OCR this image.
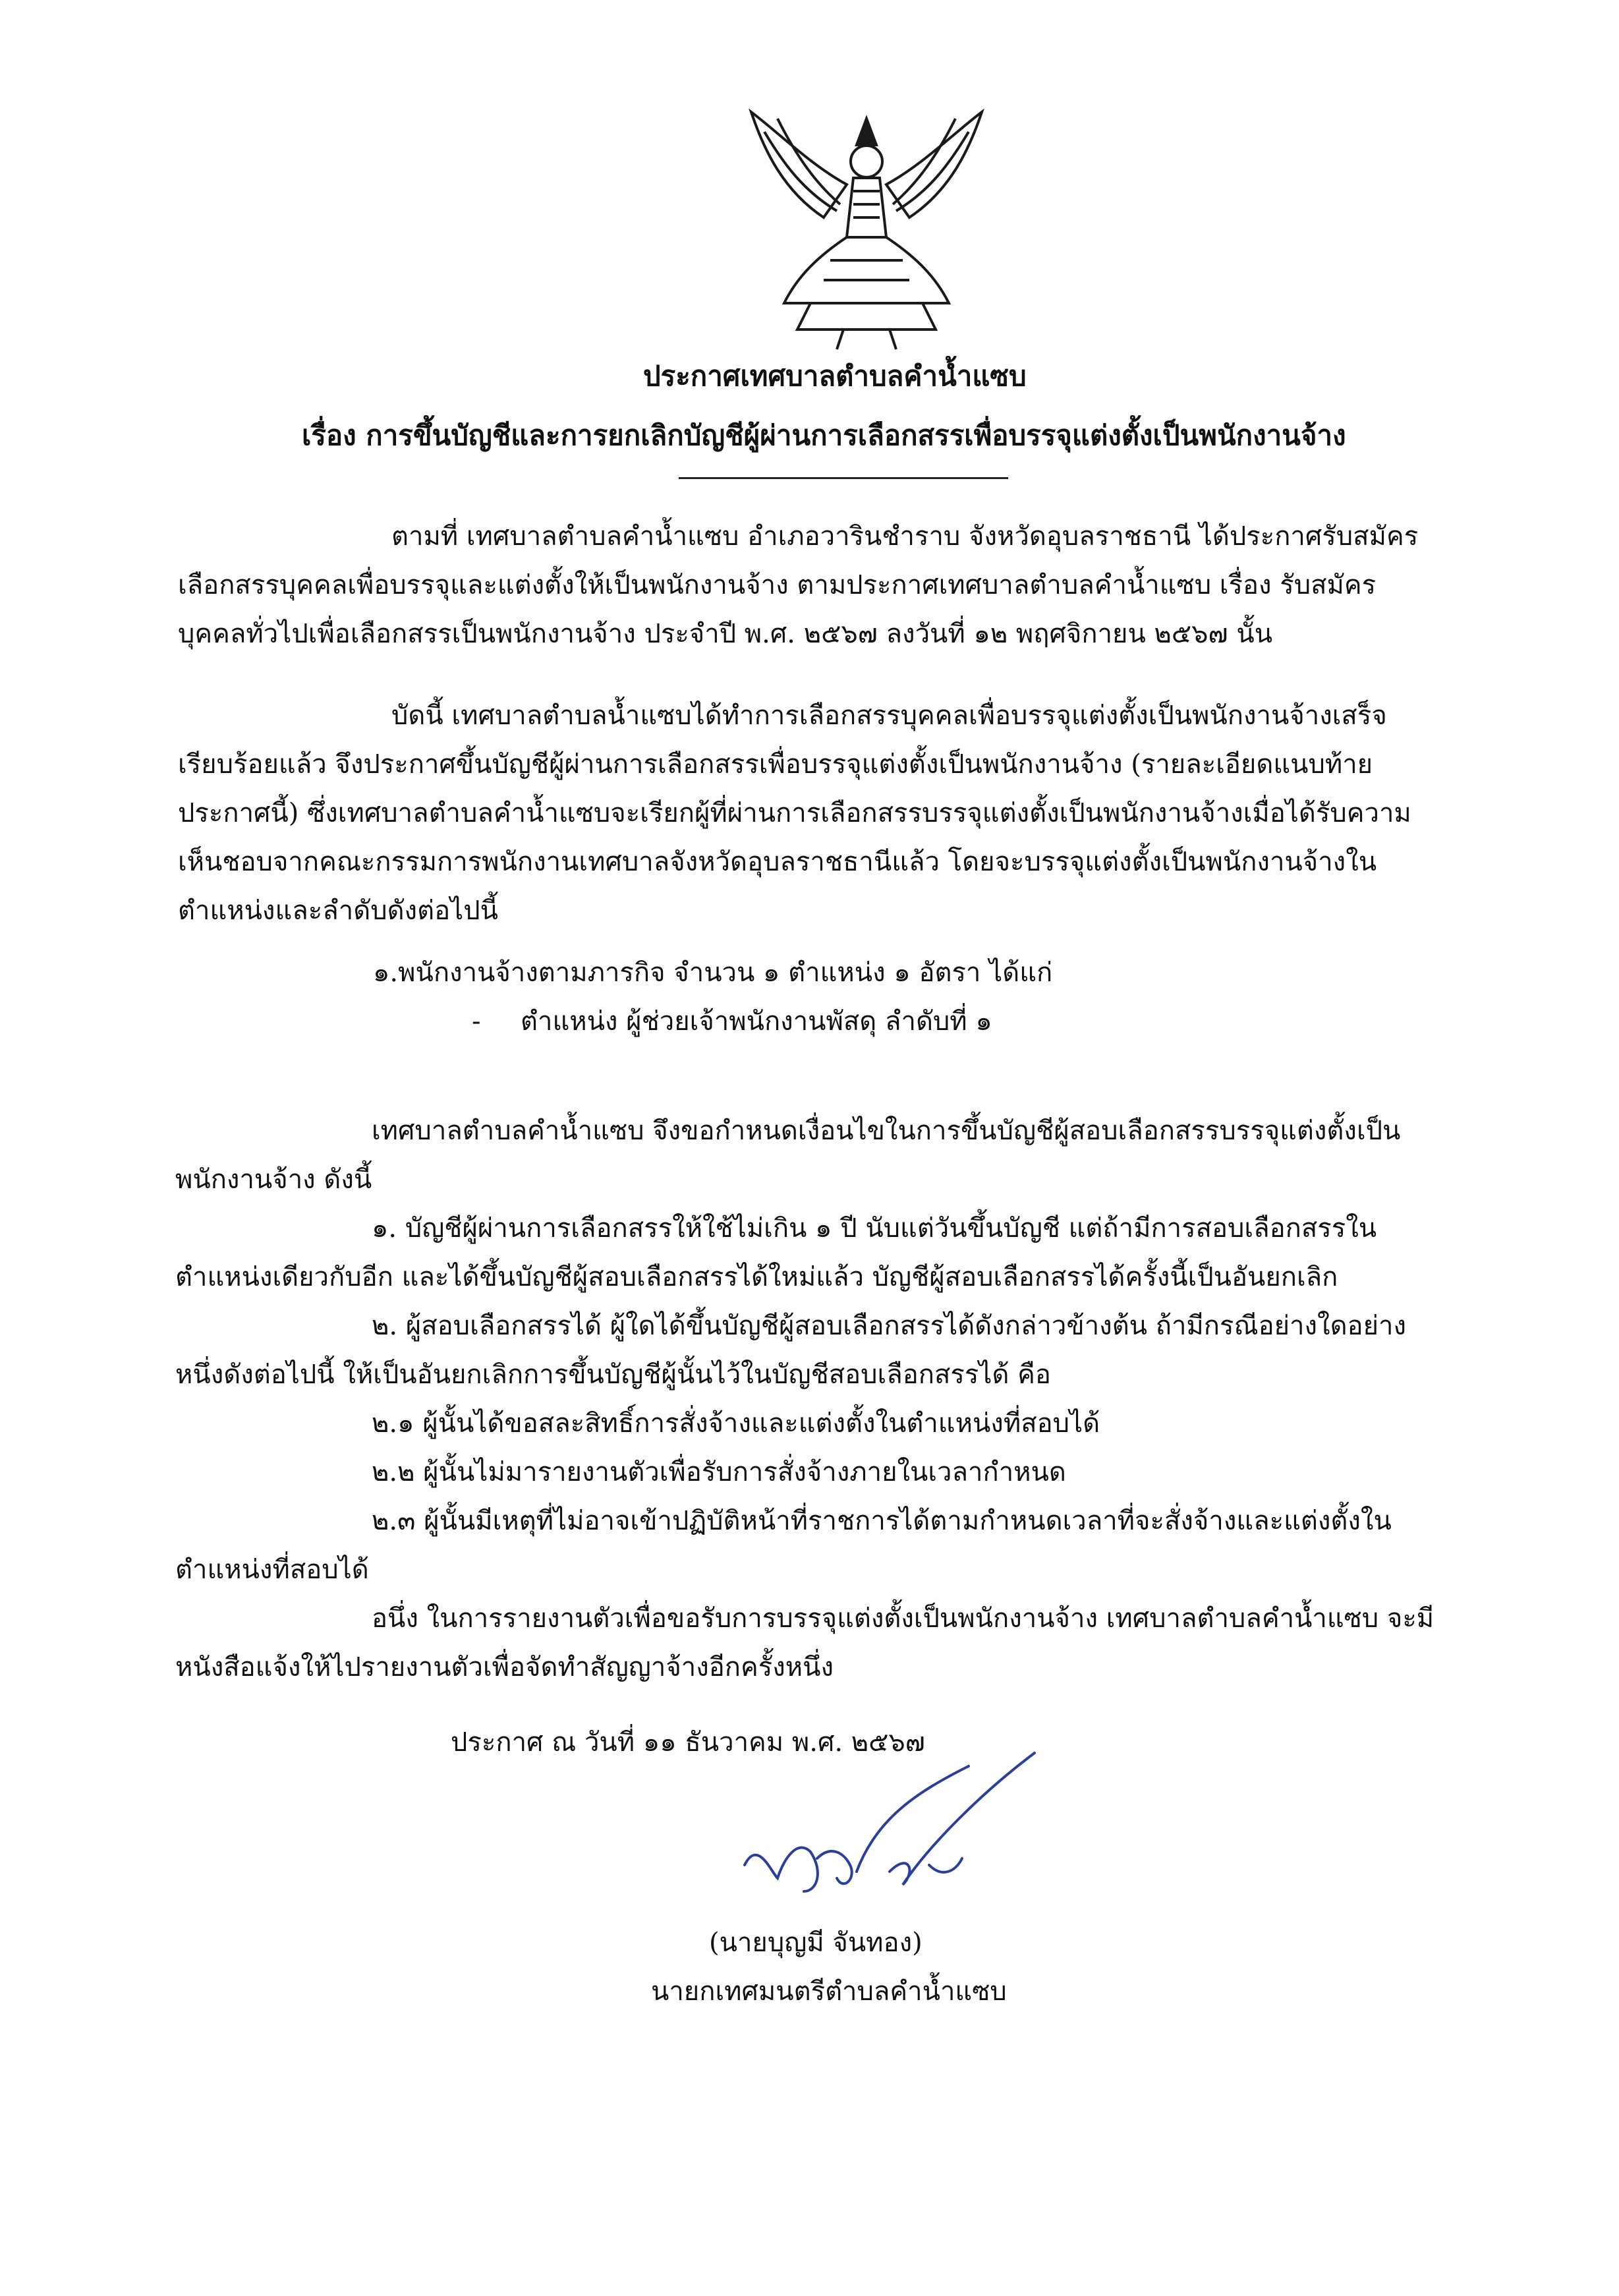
ประกาศเทศบาลตำบลคำน้ำแซบ
เรื่อง การขึ้นบัญชีและการยกเลิกบัญชีผู้ผ่านการเลือกสรรเพื่อบรรจุแต่งตั้งเป็นพนักงานจ้าง
ตามที่ เทศบาลตำบลคำน้ำแซบ อำเภอวารินชำราบ จังหวัดอุบลราชธานี ได้ประกาศรับสมัคร
เลือกสรรบุคคลเพื่อบรรจุและแต่งตั้งให้เป็นพนักงานจ้าง ตามประกาศเทศบาลตำบลคำน้ำแซบ เรื่อง รับสมัคร
บุคคลทั่วไปเพื่อเลือกสรรเป็นพนักงานจ้าง ประจำปี พ.ศ. ๒๕๖๗ ลงวันที่ ๑๒ พฤศจิกายน ๒๕๖๗ นั้น
บัดนี้ เทศบาลตำบลน้ำแซบได้ทำการเลือกสรรบุคคลเพื่อบรรจุแต่งตั้งเป็นพนักงานจ้างเสร็จ
เรียบร้อยแล้ว จึงประกาศขึ้นบัญชีผู้ผ่านการเลือกสรรเพื่อบรรจุแต่งตั้งเป็นพนักงานจ้าง (รายละเอียดแนบท้าย
ประกาศนี้) ซึ่งเทศบาลตำบลคำน้ำแซบจะเรียกผู้ที่ผ่านการเลือกสรรบรรจุแต่งตั้งเป็นพนักงานจ้างเมื่อได้รับความ
เห็นชอบจากคณะกรรมการพนักงานเทศบาลจังหวัดอุบลราชธานีแล้ว โดยจะบรรจุแต่งตั้งเป็นพนักงานจ้างใน
ตำแหน่งและลำดับดังต่อไปนี้
๑.พนักงานจ้างตามภารกิจ จำนวน ๑ ตำแหน่ง ๑ อัตรา ได้แก่
- ตำแหน่ง ผู้ช่วยเจ้าพนักงานพัสดุ ลำดับที่ ๑
เทศบาลตำบลคำน้ำแซบ จึงขอกำหนดเงื่อนไขในการขึ้นบัญชีผู้สอบเลือกสรรบรรจุแต่งตั้งเป็น
พนักงานจ้าง ดังนี้
๑. บัญชีผู้ผ่านการเลือกสรรให้ใช้ไม่เกิน ๑ ปี นับแต่วันขึ้นบัญชี แต่ถ้ามีการสอบเลือกสรรใน
ตำแหน่งเดียวกับอีก และได้ขึ้นบัญชีผู้สอบเลือกสรรได้ใหม่แล้ว บัญชีผู้สอบเลือกสรรได้ครั้งนี้เป็นอันยกเลิก
๒. ผู้สอบเลือกสรรได้ ผู้ใดได้ขึ้นบัญชีผู้สอบเลือกสรรได้ดังกล่าวข้างต้น ถ้ามีกรณีอย่างใดอย่าง
หนึ่งดังต่อไปนี้ ให้เป็นอันยกเลิกการขึ้นบัญชีผู้นั้นไว้ในบัญชีสอบเลือกสรรได้ คือ
๒.๑ ผู้นั้นได้ขอสละสิทธิ์การสั่งจ้างและแต่งตั้งในตำแหน่งที่สอบได้
๒.๒ ผู้นั้นไม่มารายงานตัวเพื่อรับการสั่งจ้างภายในเวลากำหนด
๒.๓ ผู้นั้นมีเหตุที่ไม่อาจเข้าปฏิบัติหน้าที่ราชการได้ตามกำหนดเวลาที่จะสั่งจ้างและแต่งตั้งใน
ตำแหน่งที่สอบได้
อนึ่ง ในการรายงานตัวเพื่อขอรับการบรรจุแต่งตั้งเป็นพนักงานจ้าง เทศบาลตำบลคำน้ำแซบ จะมี
หนังสือแจ้งให้ไปรายงานตัวเพื่อจัดทำสัญญาจ้างอีกครั้งหนึ่ง
ประกาศ ณ วันที่ ๑๑ ธันวาคม พ.ศ. ๒๕๖๗
(นายบุญมี จันทอง)
นายกเทศมนตรีตำบลคำน้ำแซบ
